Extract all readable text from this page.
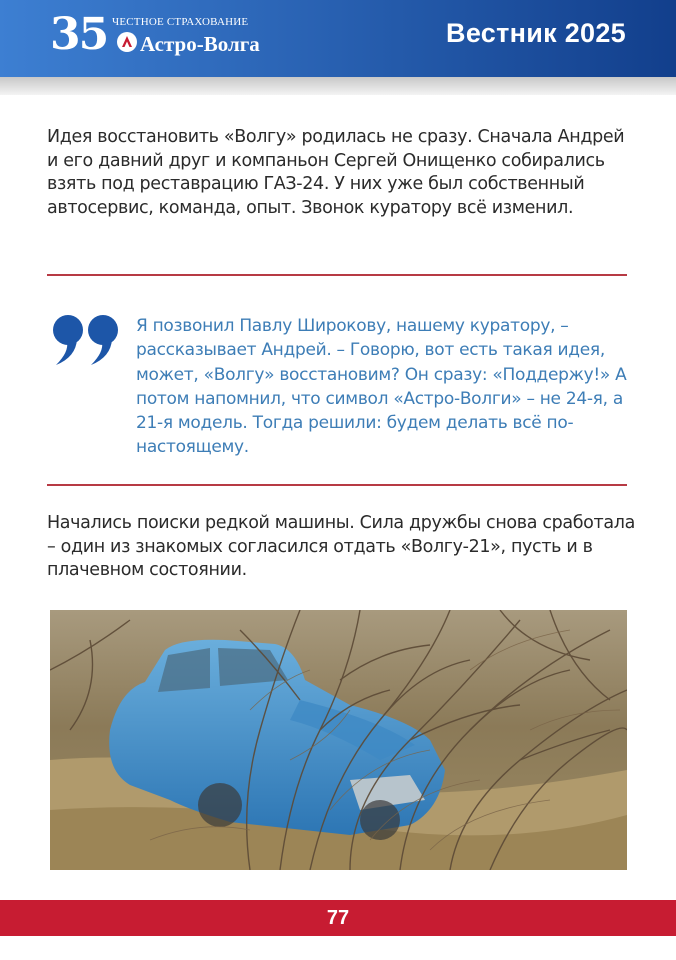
35 ЧЕСТНОЕ СТРАХОВАНИЕ
Астро-Волга	Вестник 2025

Идея восстановить «Волгу» родилась не сразу. Сначала Андрей и его давний друг и компаньон Сергей Онищенко собирались взять под реставрацию ГАЗ-24. У них уже был собственный автосервис, команда, опыт. Звонок куратору всё изменил.

Я позвонил Павлу Широкову, нашему куратору, – рассказывает Андрей. – Говорю, вот есть такая идея, может, «Волгу» восстановим? Он сразу: «Поддержу!» А потом напомнил, что символ «Астро-Волги» – не 24-я, а 21-я модель. Тогда решили: будем делать всё по-настоящему.

Начались поиски редкой машины. Сила дружбы снова сработала – один из знакомых согласился отдать «Волгу-21», пусть и в плачевном состоянии.

77
